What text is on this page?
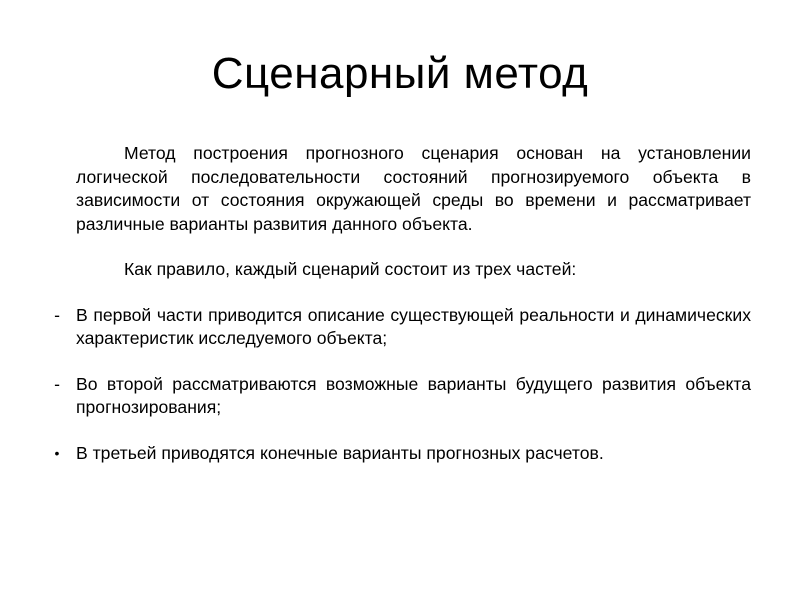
Сценарный метод

Метод построения прогнозного сценария основан на установлении логической последовательности состояний прогнозируемого объекта в зависимости от состояния окружающей среды во времени и рассматривает различные варианты развития данного объекта.

Как правило, каждый сценарий состоит из трех частей:

- В первой части приводится описание существующей реальности и динамических характеристик исследуемого объекта;
- Во второй рассматриваются возможные варианты будущего развития объекта прогнозирования;
• В третьей приводятся конечные варианты прогнозных расчетов.
